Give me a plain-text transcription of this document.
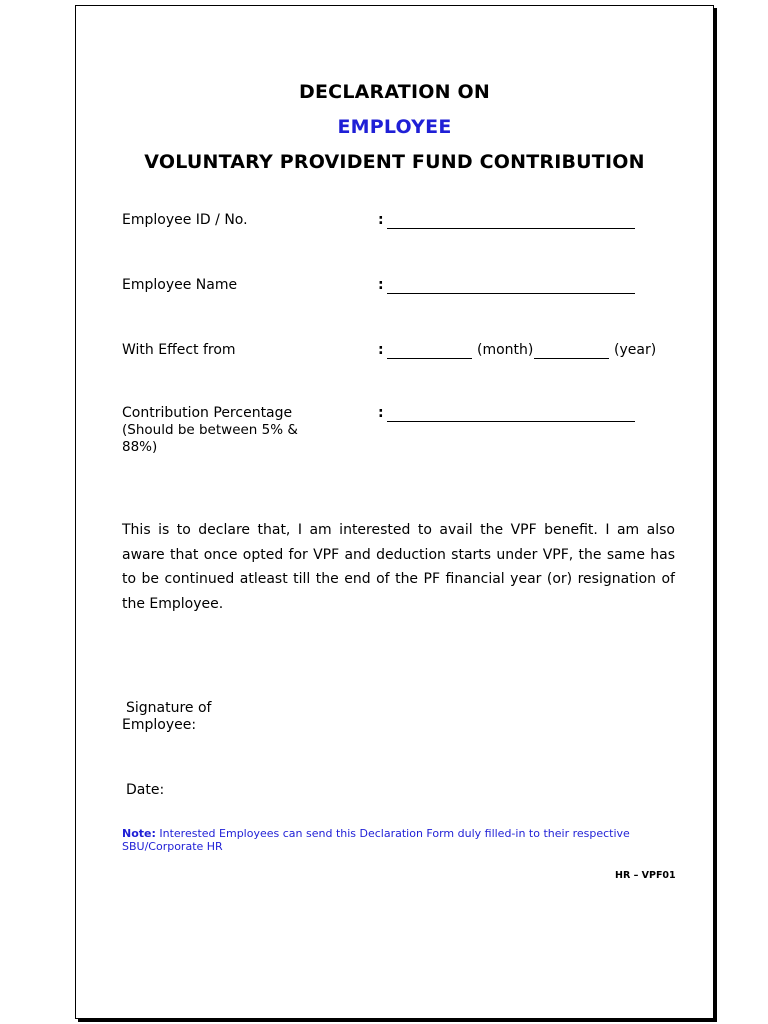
DECLARATION ON
EMPLOYEE
VOLUNTARY PROVIDENT FUND CONTRIBUTION
Employee ID / No.	:
Employee Name	:
With Effect from	:	(month)	(year)
Contribution Percentage	:
(Should be between 5% & 88%)
This is to declare that, I am interested to avail the VPF benefit. I am also aware that once opted for VPF and deduction starts under VPF, the same has to be continued atleast till the end of the PF financial year (or) resignation of the Employee.
Signature of
Employee:
Date:
Note: Interested Employees can send this Declaration Form duly filled-in to their respective SBU/Corporate HR
HR – VPF01
